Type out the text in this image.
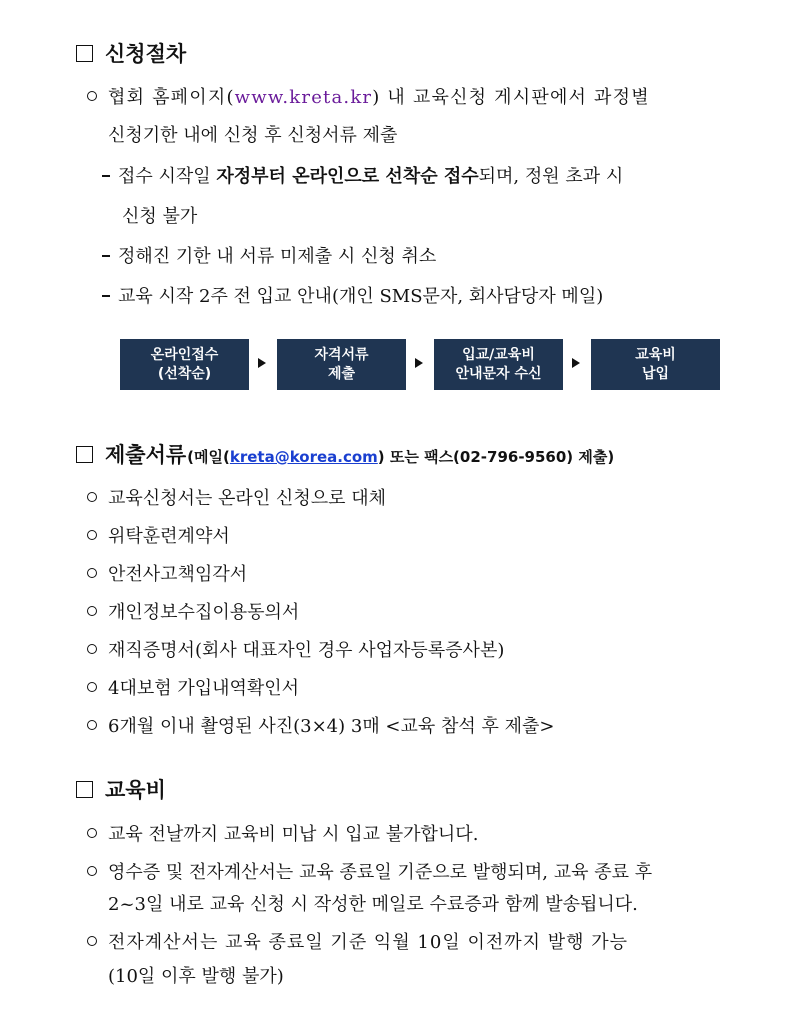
신청절차
협회 홈페이지(www.kreta.kr) 내 교육신청 게시판에서 과정별
신청기한 내에 신청 후 신청서류 제출
접수 시작일 자정부터 온라인으로 선착순 접수되며, 정원 초과 시
신청 불가
정해진 기한 내 서류 미제출 시 신청 취소
교육 시작 2주 전 입교 안내(개인 SMS문자, 회사담당자 메일)
온라인접수
(선착순)
자격서류
제출
입교/교육비
안내문자 수신
교육비
납입
제출서류 (메일(kreta@korea.com) 또는 팩스(02-796-9560) 제출)
교육신청서는 온라인 신청으로 대체
위탁훈련계약서
안전사고책임각서
개인정보수집이용동의서
재직증명서(회사 대표자인 경우 사업자등록증사본)
4대보험 가입내역확인서
6개월 이내 촬영된 사진(3×4) 3매 <교육 참석 후 제출>
교육비
교육 전날까지 교육비 미납 시 입교 불가합니다.
영수증 및 전자계산서는 교육 종료일 기준으로 발행되며, 교육 종료 후
2~3일 내로 교육 신청 시 작성한 메일로 수료증과 함께 발송됩니다.
전자계산서는 교육 종료일 기준 익월 10일 이전까지 발행 가능
(10일 이후 발행 불가)
